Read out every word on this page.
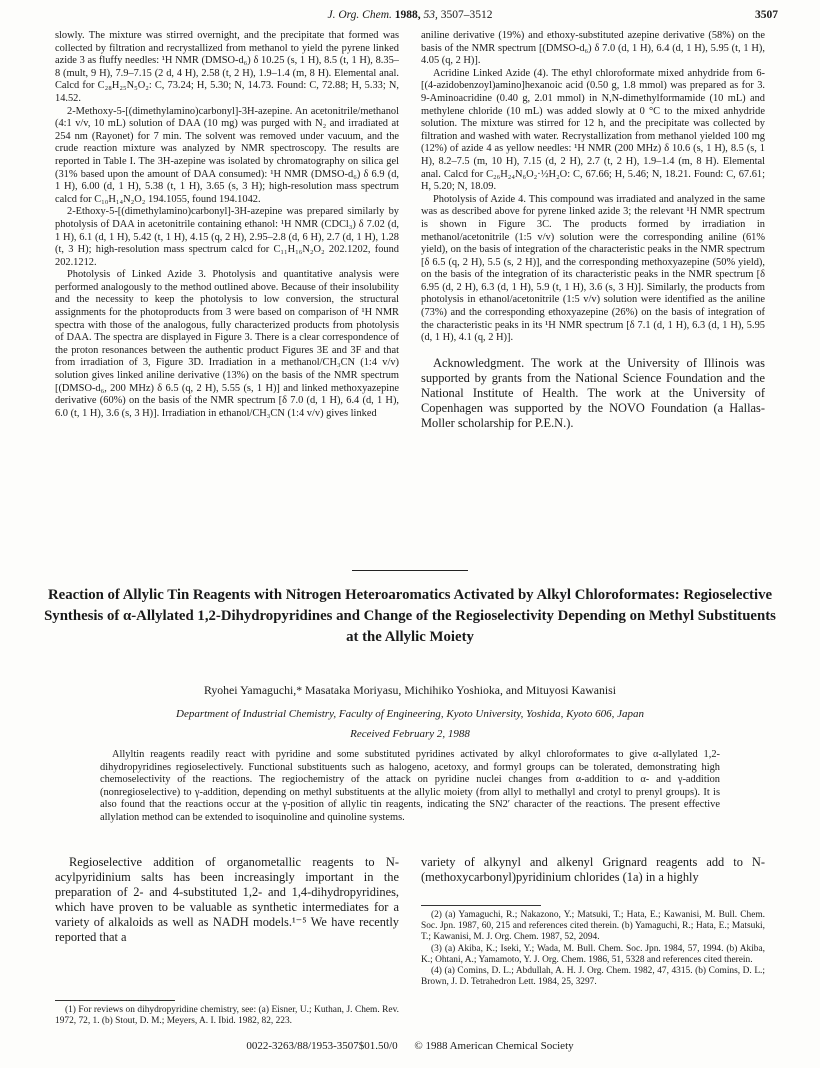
J. Org. Chem. 1988, 53, 3507–3512	3507

slowly. The mixture was stirred overnight, and the precipitate that formed was collected by filtration and recrystallized from methanol to yield the pyrene linked azide 3 as fluffy needles: ¹H NMR (DMSO-d₆) δ 10.25 (s, 1 H), 8.5 (t, 1 H), 8.35–8 (mult, 9 H), 7.9–7.15 (2 d, 4 H), 2.58 (t, 2 H), 1.9–1.4 (m, 8 H). Elemental anal. Calcd for C₂₈H₂₅N₅O₂: C, 73.24; H, 5.30; N, 14.73. Found: C, 72.88; H, 5.33; N, 14.52.

2-Methoxy-5-[(dimethylamino)carbonyl]-3H-azepine. An acetonitrile/methanol (4:1 v/v, 10 mL) solution of DAA (10 mg) was purged with N₂ and irradiated at 254 nm (Rayonet) for 7 min. The solvent was removed under vacuum, and the crude reaction mixture was analyzed by NMR spectroscopy. The results are reported in Table I. The 3H-azepine was isolated by chromatography on silica gel (31% based upon the amount of DAA consumed): ¹H NMR (DMSO-d₆) δ 6.9 (d, 1 H), 6.00 (d, 1 H), 5.38 (t, 1 H), 3.65 (s, 3 H); high-resolution mass spectrum calcd for C₁₀H₁₄N₂O₂ 194.1055, found 194.1042.

2-Ethoxy-5-[(dimethylamino)carbonyl]-3H-azepine was prepared similarly by photolysis of DAA in acetonitrile containing ethanol: ¹H NMR (CDCl₃) δ 7.02 (d, 1 H), 6.1 (d, 1 H), 5.42 (t, 1 H), 4.15 (q, 2 H), 2.95–2.8 (d, 6 H), 2.7 (d, 1 H), 1.28 (t, 3 H); high-resolution mass spectrum calcd for C₁₁H₁₆N₂O₂ 202.1202, found 202.1212.

Photolysis of Linked Azide 3. Photolysis and quantitative analysis were performed analogously to the method outlined above. Because of their insolubility and the necessity to keep the photolysis to low conversion, the structural assignments for the photoproducts from 3 were based on comparison of ¹H NMR spectra with those of the analogous, fully characterized products from photolysis of DAA. The spectra are displayed in Figure 3. There is a clear correspondence of the proton resonances between the authentic product Figures 3E and 3F and that from irradiation of 3, Figure 3D. Irradiation in a methanol/CH₃CN (1:4 v/v) solution gives linked aniline derivative (13%) on the basis of the NMR spectrum [(DMSO-d₆, 200 MHz) δ 6.5 (q, 2 H), 5.55 (s, 1 H)] and linked methoxyazepine derivative (60%) on the basis of the NMR spectrum [δ 7.0 (d, 1 H), 6.4 (d, 1 H), 6.0 (t, 1 H), 3.6 (s, 3 H)]. Irradiation in ethanol/CH₃CN (1:4 v/v) gives linked

aniline derivative (19%) and ethoxy-substituted azepine derivative (58%) on the basis of the NMR spectrum [(DMSO-d₆) δ 7.0 (d, 1 H), 6.4 (d, 1 H), 5.95 (t, 1 H), 4.05 (q, 2 H)].

Acridine Linked Azide (4). The ethyl chloroformate mixed anhydride from 6-[(4-azidobenzoyl)amino]hexanoic acid (0.50 g, 1.8 mmol) was prepared as for 3. 9-Aminoacridine (0.40 g, 2.01 mmol) in N,N-dimethylformamide (10 mL) and methylene chloride (10 mL) was added slowly at 0 °C to the mixed anhydride solution. The mixture was stirred for 12 h, and the precipitate was collected by filtration and washed with water. Recrystallization from methanol yielded 100 mg (12%) of azide 4 as yellow needles: ¹H NMR (200 MHz) δ 10.6 (s, 1 H), 8.5 (s, 1 H), 8.2–7.5 (m, 10 H), 7.15 (d, 2 H), 2.7 (t, 2 H), 1.9–1.4 (m, 8 H). Elemental anal. Calcd for C₂₆H₂₄N₆O₂·½H₂O: C, 67.66; H, 5.46; N, 18.21. Found: C, 67.61; H, 5.20; N, 18.09.

Photolysis of Azide 4. This compound was irradiated and analyzed in the same was as described above for pyrene linked azide 3; the relevant ¹H NMR spectrum is shown in Figure 3C. The products formed by irradiation in methanol/acetonitrile (1:5 v/v) solution were the corresponding aniline (61% yield), on the basis of integration of the characteristic peaks in the NMR spectrum [δ 6.5 (q, 2 H), 5.5 (s, 2 H)], and the corresponding methoxyazepine (50% yield), on the basis of the integration of its characteristic peaks in the NMR spectrum [δ 6.95 (d, 2 H), 6.3 (d, 1 H), 5.9 (t, 1 H), 3.6 (s, 3 H)]. Similarly, the products from photolysis in ethanol/acetonitrile (1:5 v/v) solution were identified as the aniline (73%) and the corresponding ethoxyazepine (26%) on the basis of integration of the characteristic peaks in its ¹H NMR spectrum [δ 7.1 (d, 1 H), 6.3 (d, 1 H), 5.95 (d, 1 H), 4.1 (q, 2 H)].

Acknowledgment. The work at the University of Illinois was supported by grants from the National Science Foundation and the National Institute of Health. The work at the University of Copenhagen was supported by the NOVO Foundation (a Hallas-Moller scholarship for P.E.N.).

Reaction of Allylic Tin Reagents with Nitrogen Heteroaromatics Activated by Alkyl Chloroformates: Regioselective Synthesis of α-Allylated 1,2-Dihydropyridines and Change of the Regioselectivity Depending on Methyl Substituents at the Allylic Moiety
Ryohei Yamaguchi,* Masataka Moriyasu, Michihiko Yoshioka, and Mituyosi Kawanisi
Department of Industrial Chemistry, Faculty of Engineering, Kyoto University, Yoshida, Kyoto 606, Japan
Received February 2, 1988

Allyltin reagents readily react with pyridine and some substituted pyridines activated by alkyl chloroformates to give α-allylated 1,2-dihydropyridines regioselectively. Functional substituents such as halogeno, acetoxy, and formyl groups can be tolerated, demonstrating high chemoselectivity of the reactions. The regiochemistry of the attack on pyridine nuclei changes from α-addition to α- and γ-addition (nonregioselective) to γ-addition, depending on methyl substituents at the allylic moiety (from allyl to methallyl and crotyl to prenyl groups). It is also found that the reactions occur at the γ-position of allylic tin reagents, indicating the SN2′ character of the reactions. The present effective allylation method can be extended to isoquinoline and quinoline systems.

Regioselective addition of organometallic reagents to N-acylpyridinium salts has been increasingly important in the preparation of 2- and 4-substituted 1,2- and 1,4-dihydropyridines, which have proven to be valuable as synthetic intermediates for a variety of alkaloids as well as NADH models.¹⁻⁵ We have recently reported that a

variety of alkynyl and alkenyl Grignard reagents add to N-(methoxycarbonyl)pyridinium chlorides (1a) in a highly

(1) For reviews on dihydropyridine chemistry, see: (a) Eisner, U.; Kuthan, J. Chem. Rev. 1972, 72, 1. (b) Stout, D. M.; Meyers, A. I. Ibid. 1982, 82, 223.

(2) (a) Yamaguchi, R.; Nakazono, Y.; Matsuki, T.; Hata, E.; Kawanisi, M. Bull. Chem. Soc. Jpn. 1987, 60, 215 and references cited therein. (b) Yamaguchi, R.; Hata, E.; Matsuki, T.; Kawanisi, M. J. Org. Chem. 1987, 52, 2094.

(3) (a) Akiba, K.; Iseki, Y.; Wada, M. Bull. Chem. Soc. Jpn. 1984, 57, 1994. (b) Akiba, K.; Ohtani, A.; Yamamoto, Y. J. Org. Chem. 1986, 51, 5328 and references cited therein.

(4) (a) Comins, D. L.; Abdullah, A. H. J. Org. Chem. 1982, 47, 4315. (b) Comins, D. L.; Brown, J. D. Tetrahedron Lett. 1984, 25, 3297.

0022-3263/88/1953-3507$01.50/0 © 1988 American Chemical Society
